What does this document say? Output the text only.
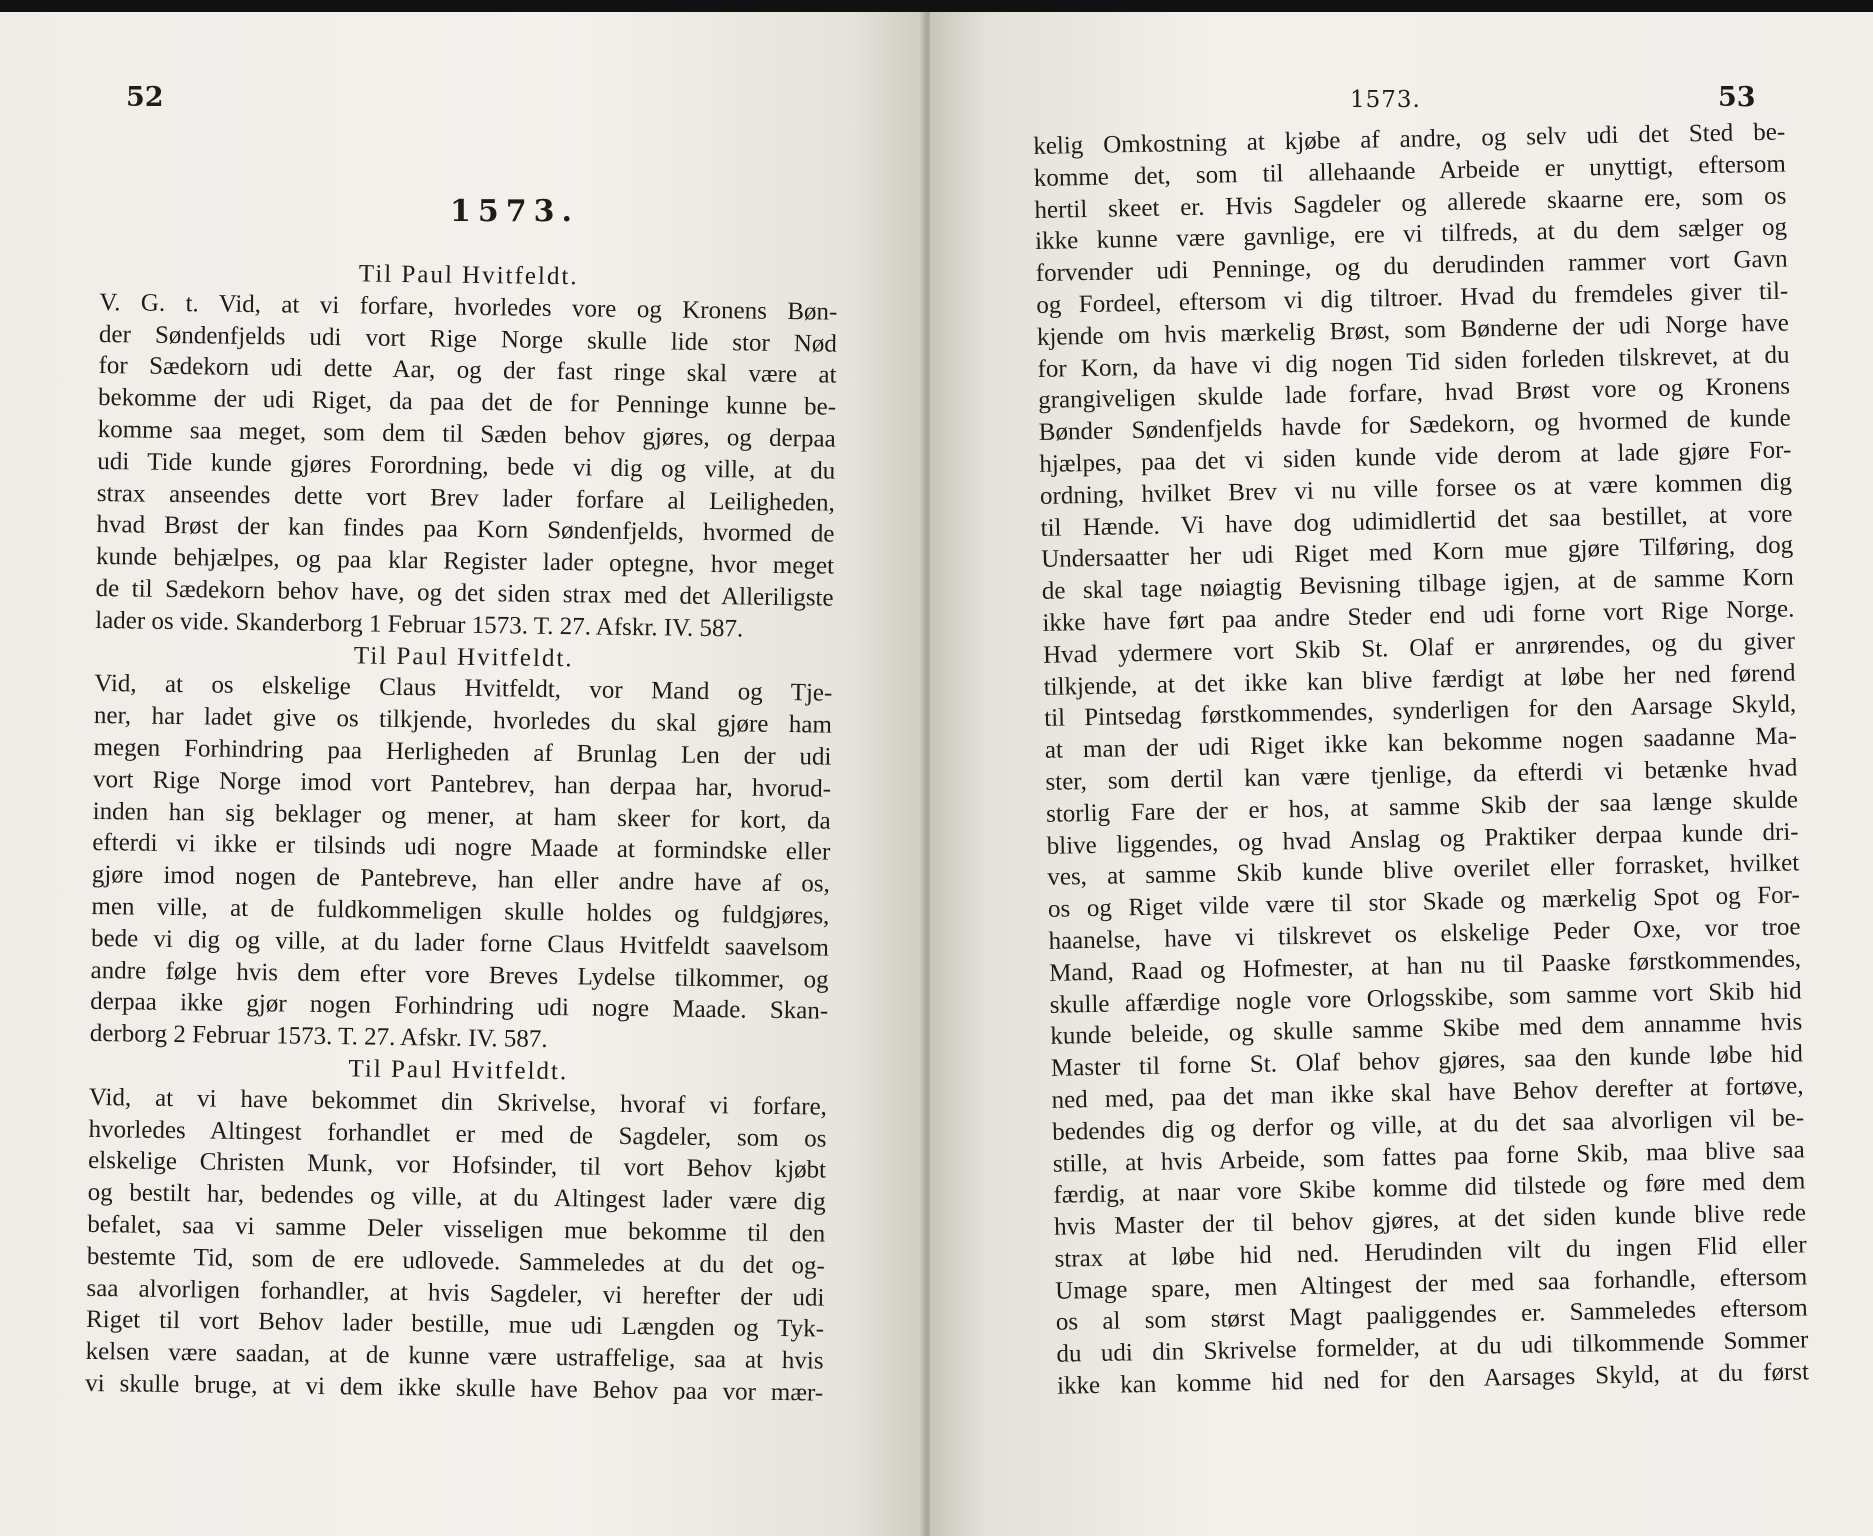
52
1573.
Til Paul Hvitfeldt.
V. G. t. Vid, at vi forfare, hvorledes vore og Kronens Bøn-
der Søndenfjelds udi vort Rige Norge skulle lide stor Nød
for Sædekorn udi dette Aar, og der fast ringe skal være at
bekomme der udi Riget, da paa det de for Penninge kunne be-
komme saa meget, som dem til Sæden behov gjøres, og derpaa
udi Tide kunde gjøres Forordning, bede vi dig og ville, at du
strax anseendes dette vort Brev lader forfare al Leiligheden,
hvad Brøst der kan findes paa Korn Søndenfjelds, hvormed de
kunde behjælpes, og paa klar Register lader optegne, hvor meget
de til Sædekorn behov have, og det siden strax med det Alleriligste
lader os vide. Skanderborg 1 Februar 1573. T. 27. Afskr. IV. 587.
Til Paul Hvitfeldt.
Vid, at os elskelige Claus Hvitfeldt, vor Mand og Tje-
ner, har ladet give os tilkjende, hvorledes du skal gjøre ham
megen Forhindring paa Herligheden af Brunlag Len der udi
vort Rige Norge imod vort Pantebrev, han derpaa har, hvorud-
inden han sig beklager og mener, at ham skeer for kort, da
efterdi vi ikke er tilsinds udi nogre Maade at formindske eller
gjøre imod nogen de Pantebreve, han eller andre have af os,
men ville, at de fuldkommeligen skulle holdes og fuldgjøres,
bede vi dig og ville, at du lader forne Claus Hvitfeldt saavelsom
andre følge hvis dem efter vore Breves Lydelse tilkommer, og
derpaa ikke gjør nogen Forhindring udi nogre Maade. Skan-
derborg 2 Februar 1573. T. 27. Afskr. IV. 587.
Til Paul Hvitfeldt.
Vid, at vi have bekommet din Skrivelse, hvoraf vi forfare,
hvorledes Altingest forhandlet er med de Sagdeler, som os
elskelige Christen Munk, vor Hofsinder, til vort Behov kjøbt
og bestilt har, bedendes og ville, at du Altingest lader være dig
befalet, saa vi samme Deler visseligen mue bekomme til den
bestemte Tid, som de ere udlovede. Sammeledes at du det og-
saa alvorligen forhandler, at hvis Sagdeler, vi herefter der udi
Riget til vort Behov lader bestille, mue udi Længden og Tyk-
kelsen være saadan, at de kunne være ustraffelige, saa at hvis
vi skulle bruge, at vi dem ikke skulle have Behov paa vor mær-
1573.	53
kelig Omkostning at kjøbe af andre, og selv udi det Sted be-
komme det, som til allehaande Arbeide er unyttigt, eftersom
hertil skeet er. Hvis Sagdeler og allerede skaarne ere, som os
ikke kunne være gavnlige, ere vi tilfreds, at du dem sælger og
forvender udi Penninge, og du derudinden rammer vort Gavn
og Fordeel, eftersom vi dig tiltroer. Hvad du fremdeles giver til-
kjende om hvis mærkelig Brøst, som Bønderne der udi Norge have
for Korn, da have vi dig nogen Tid siden forleden tilskrevet, at du
grangiveligen skulde lade forfare, hvad Brøst vore og Kronens
Bønder Søndenfjelds havde for Sædekorn, og hvormed de kunde
hjælpes, paa det vi siden kunde vide derom at lade gjøre For-
ordning, hvilket Brev vi nu ville forsee os at være kommen dig
til Hænde. Vi have dog udimidlertid det saa bestillet, at vore
Undersaatter her udi Riget med Korn mue gjøre Tilføring, dog
de skal tage nøiagtig Bevisning tilbage igjen, at de samme Korn
ikke have ført paa andre Steder end udi forne vort Rige Norge.
Hvad ydermere vort Skib St. Olaf er anrørendes, og du giver
tilkjende, at det ikke kan blive færdigt at løbe her ned førend
til Pintsedag førstkommendes, synderligen for den Aarsage Skyld,
at man der udi Riget ikke kan bekomme nogen saadanne Ma-
ster, som dertil kan være tjenlige, da efterdi vi betænke hvad
storlig Fare der er hos, at samme Skib der saa længe skulde
blive liggendes, og hvad Anslag og Praktiker derpaa kunde dri-
ves, at samme Skib kunde blive overilet eller forrasket, hvilket
os og Riget vilde være til stor Skade og mærkelig Spot og For-
haanelse, have vi tilskrevet os elskelige Peder Oxe, vor troe
Mand, Raad og Hofmester, at han nu til Paaske førstkommendes,
skulle affærdige nogle vore Orlogsskibe, som samme vort Skib hid
kunde beleide, og skulle samme Skibe med dem annamme hvis
Master til forne St. Olaf behov gjøres, saa den kunde løbe hid
ned med, paa det man ikke skal have Behov derefter at fortøve,
bedendes dig og derfor og ville, at du det saa alvorligen vil be-
stille, at hvis Arbeide, som fattes paa forne Skib, maa blive saa
færdig, at naar vore Skibe komme did tilstede og føre med dem
hvis Master der til behov gjøres, at det siden kunde blive rede
strax at løbe hid ned. Herudinden vilt du ingen Flid eller
Umage spare, men Altingest der med saa forhandle, eftersom
os al som størst Magt paaliggendes er. Sammeledes eftersom
du udi din Skrivelse formelder, at du udi tilkommende Sommer
ikke kan komme hid ned for den Aarsages Skyld, at du først
